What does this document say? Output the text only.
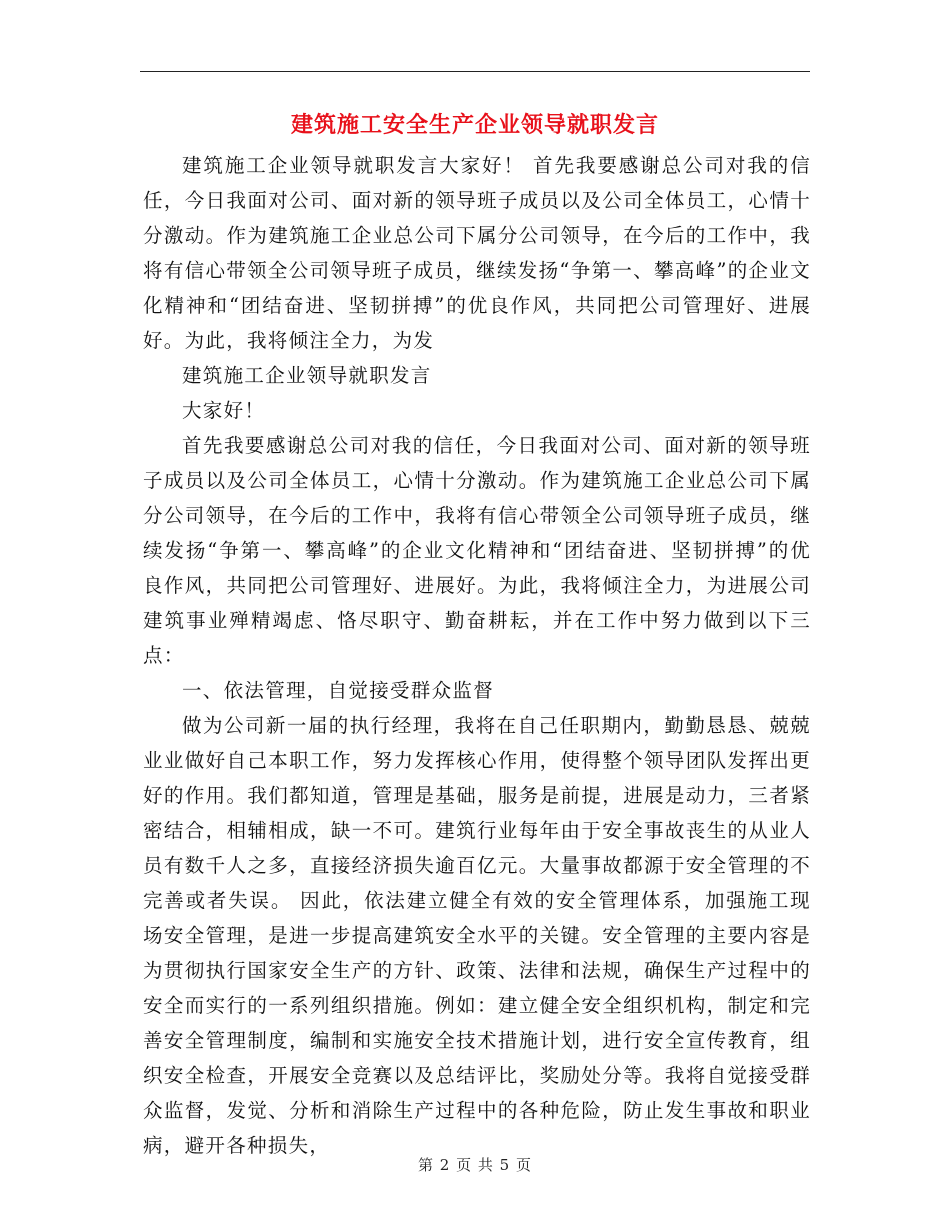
建筑施工安全生产企业领导就职发言

建筑施工企业领导就职发言大家好！ 首先我要感谢总公司对我的信任，今日我面对公司、面对新的领导班子成员以及公司全体员工，心情十分激动。作为建筑施工企业总公司下属分公司领导，在今后的工作中，我将有信心带领全公司领导班子成员，继续发扬“争第一、攀高峰”的企业文化精神和“团结奋进、坚韧拼搏”的优良作风，共同把公司管理好、进展好。为此，我将倾注全力，为发

建筑施工企业领导就职发言

大家好！

首先我要感谢总公司对我的信任，今日我面对公司、面对新的领导班子成员以及公司全体员工，心情十分激动。作为建筑施工企业总公司下属分公司领导，在今后的工作中，我将有信心带领全公司领导班子成员，继续发扬“争第一、攀高峰”的企业文化精神和“团结奋进、坚韧拼搏”的优良作风，共同把公司管理好、进展好。为此，我将倾注全力，为进展公司建筑事业殚精竭虑、恪尽职守、勤奋耕耘，并在工作中努力做到以下三点：

一、依法管理，自觉接受群众监督

做为公司新一届的执行经理，我将在自己任职期内，勤勤恳恳、兢兢业业做好自己本职工作，努力发挥核心作用，使得整个领导团队发挥出更好的作用。我们都知道，管理是基础，服务是前提，进展是动力，三者紧密结合，相辅相成，缺一不可。建筑行业每年由于安全事故丧生的从业人员有数千人之多，直接经济损失逾百亿元。大量事故都源于安全管理的不完善或者失误。 因此，依法建立健全有效的安全管理体系，加强施工现场安全管理，是进一步提高建筑安全水平的关键。安全管理的主要内容是为贯彻执行国家安全生产的方针、政策、法律和法规，确保生产过程中的安全而实行的一系列组织措施。例如：建立健全安全组织机构，制定和完善安全管理制度，编制和实施安全技术措施计划，进行安全宣传教育，组织安全检查，开展安全竞赛以及总结评比，奖励处分等。我将自觉接受群众监督，发觉、分析和消除生产过程中的各种危险，防止发生事故和职业病，避开各种损失，

第 2 页 共 5 页
